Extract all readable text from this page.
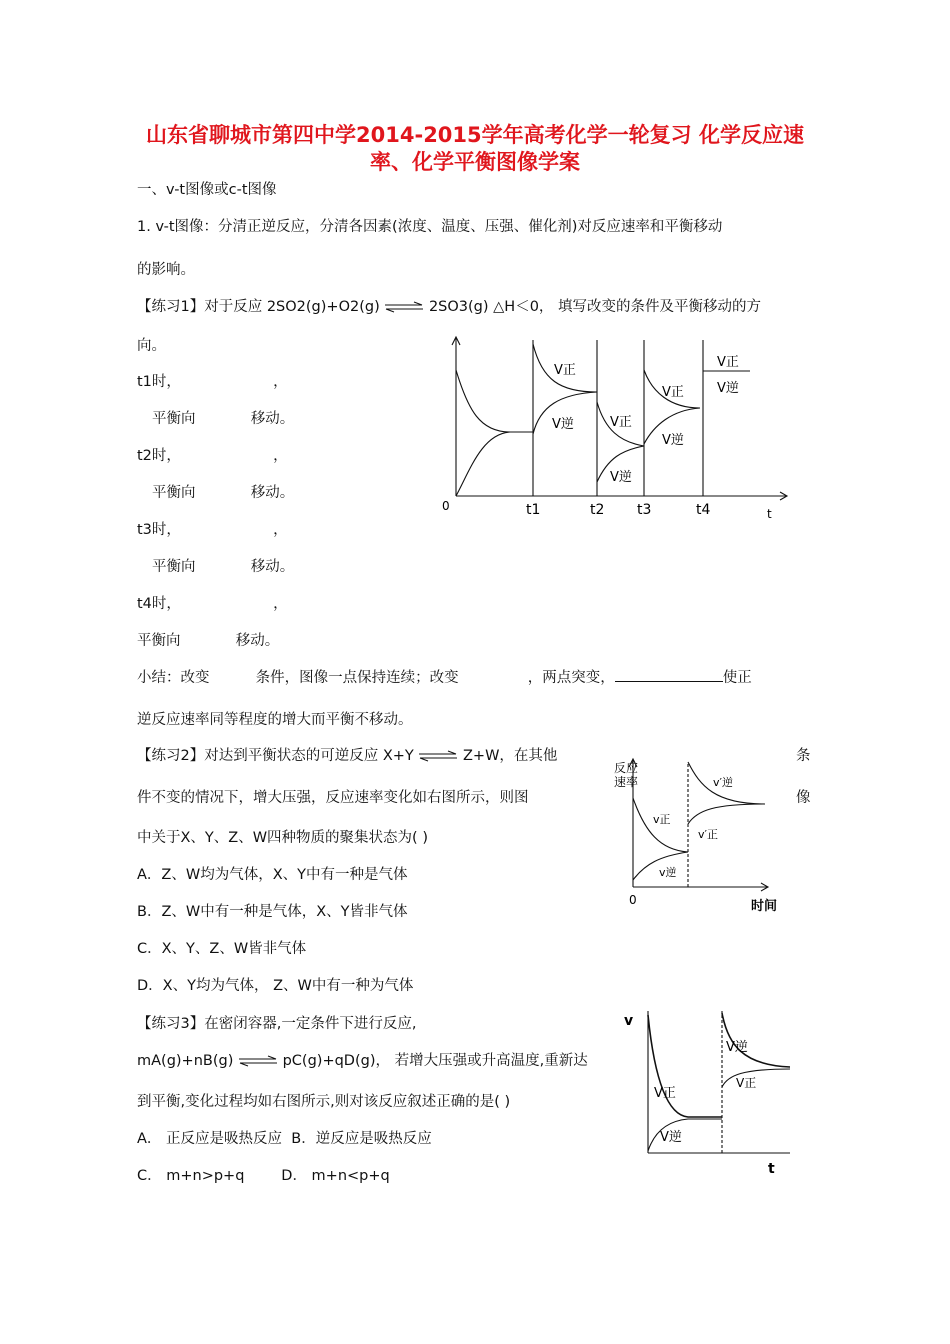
山东省聊城市第四中学2014-2015学年高考化学一轮复习 化学反应速
率、化学平衡图像学案
一、v-t图像或c-t图像
1. v-t图像：分清正逆反应，分清各因素(浓度、温度、压强、催化剂)对反应速率和平衡移动
的影响。
【练习1】对于反应 2SO2(g)+O2(g) ⇌ 2SO3(g) △H＜0， 填写改变的条件及平衡移动的方
向。
t1时，                    ，
平衡向            移动。
t2时，                    ，
平衡向            移动。
t3时，                    ，
平衡向            移动。
t4时，                    ，
平衡向            移动。
0	t1	t2 t3	t4	t
V正
V逆	V正
V逆
V正
V逆
V正
V逆
小结：改变          条件，图像一点保持连续；改变               ，两点突变，	使正
逆反应速率同等程度的增大而平衡不移动。
【练习2】对达到平衡状态的可逆反应 X+Y ⇌ Z+W，在其他	条
件不变的情况下，增大压强，反应速率变化如右图所示，则图	像
中关于X、Y、Z、W四种物质的聚集状态为( )
A．Z、W均为气体，X、Y中有一种是气体
B．Z、W中有一种是气体，X、Y皆非气体
C．X、Y、Z、W皆非气体
D．X、Y均为气体， Z、W中有一种为气体
反应
速率
0	时间
v′逆
v′正
v正
v逆
【练习3】在密闭容器,一定条件下进行反应,
mA(g)+nB(g) ⇌ pC(g)+qD(g)， 若增大压强或升高温度,重新达
到平衡,变化过程均如右图所示,则对该反应叙述正确的是( )
A． 正反应是吸热反应  B．逆反应是吸热反应
C． m+n>p+q        D． m+n<p+q
v
t
V逆
V正
V正
V逆
